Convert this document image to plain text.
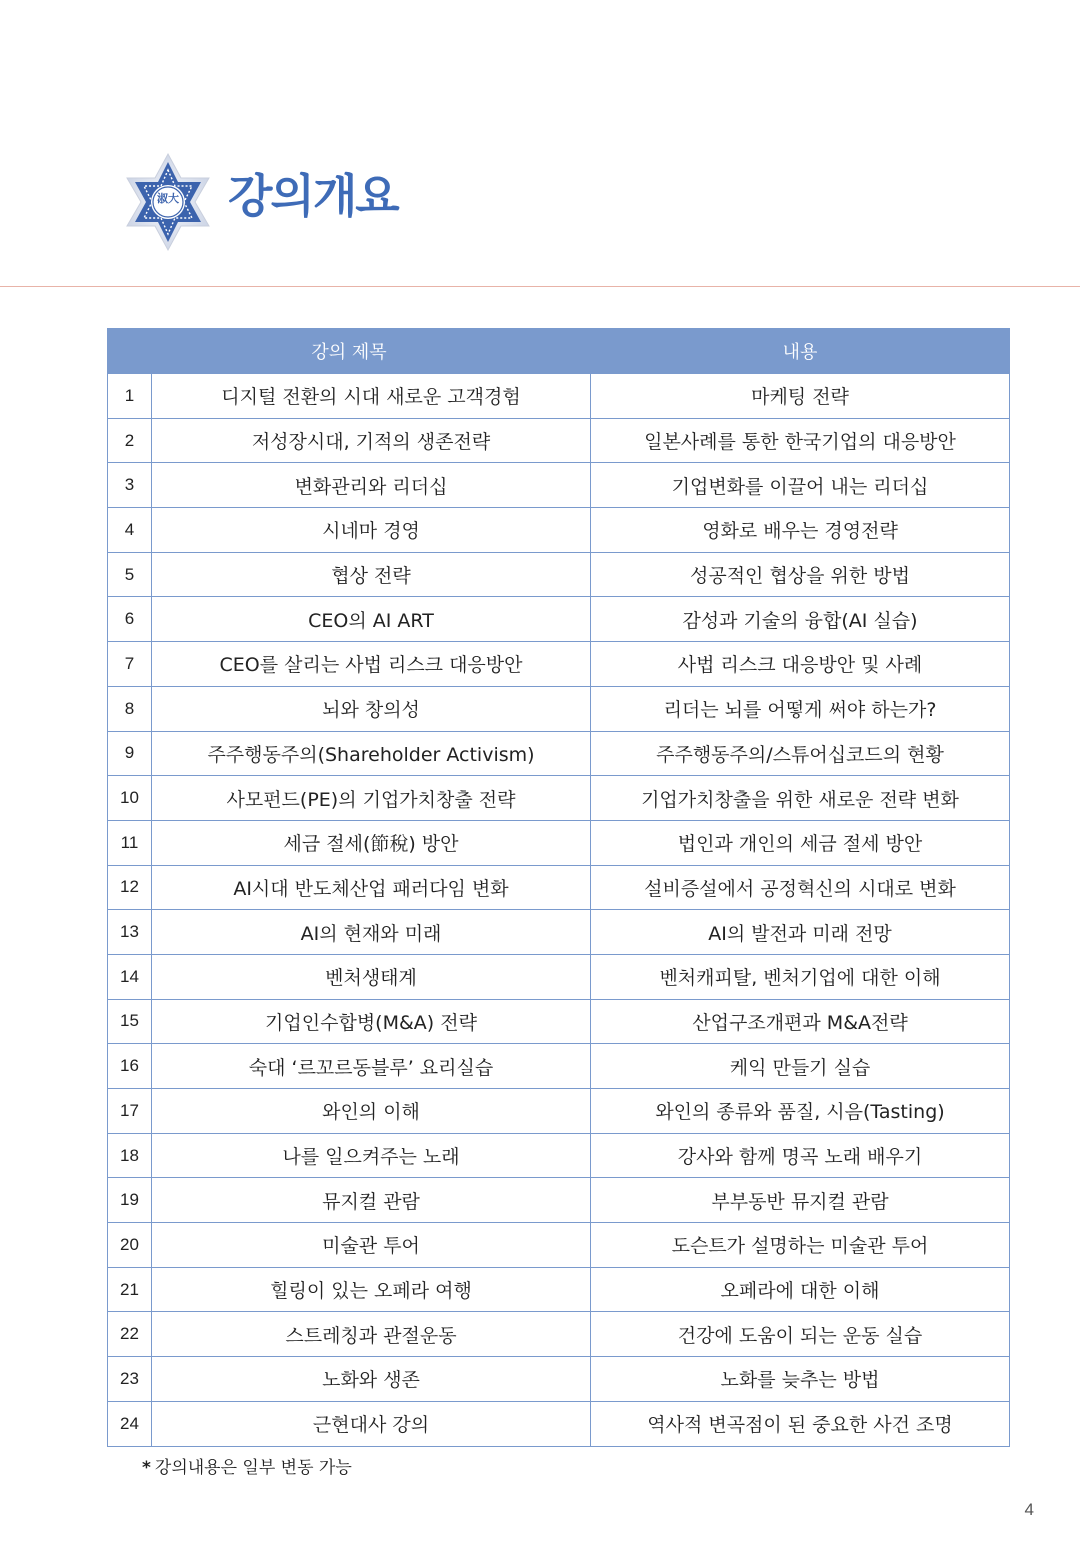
淑大 강의개요
강의 제목		내용
1	디지털 전환의 시대 새로운 고객경험	마케팅 전략
2	저성장시대, 기적의 생존전략	일본사례를 통한 한국기업의 대응방안
3	변화관리와 리더십	기업변화를 이끌어 내는 리더십
4	시네마 경영	영화로 배우는 경영전략
5	협상 전략	성공적인 협상을 위한 방법
6	CEO의 AI ART	감성과 기술의 융합(AI 실습)
7	CEO를 살리는 사법 리스크 대응방안	사법 리스크 대응방안 및 사례
8	뇌와 창의성	리더는 뇌를 어떻게 써야 하는가?
9	주주행동주의(Shareholder Activism)	주주행동주의/스튜어십코드의 현황
10	사모펀드(PE)의 기업가치창출 전략	기업가치창출을 위한 새로운 전략 변화
11	세금 절세(節稅) 방안	법인과 개인의 세금 절세 방안
12	AI시대 반도체산업 패러다임 변화	설비증설에서 공정혁신의 시대로 변화
13	AI의 현재와 미래	AI의 발전과 미래 전망
14	벤처생태계	벤처캐피탈, 벤처기업에 대한 이해
15	기업인수합병(M&A) 전략	산업구조개편과 M&A전략
16	숙대 ‘르꼬르동블루’ 요리실습	케익 만들기 실습
17	와인의 이해	와인의 종류와 품질, 시음(Tasting)
18	나를 일으켜주는 노래	강사와 함께 명곡 노래 배우기
19	뮤지컬 관람	부부동반 뮤지컬 관람
20	미술관 투어	도슨트가 설명하는 미술관 투어
21	힐링이 있는 오페라 여행	오페라에 대한 이해
22	스트레칭과 관절운동	건강에 도움이 되는 운동 실습
23	노화와 생존	노화를 늦추는 방법
24	근현대사 강의	역사적 변곡점이 된 중요한 사건 조명
* 강의내용은 일부 변동 가능
4
